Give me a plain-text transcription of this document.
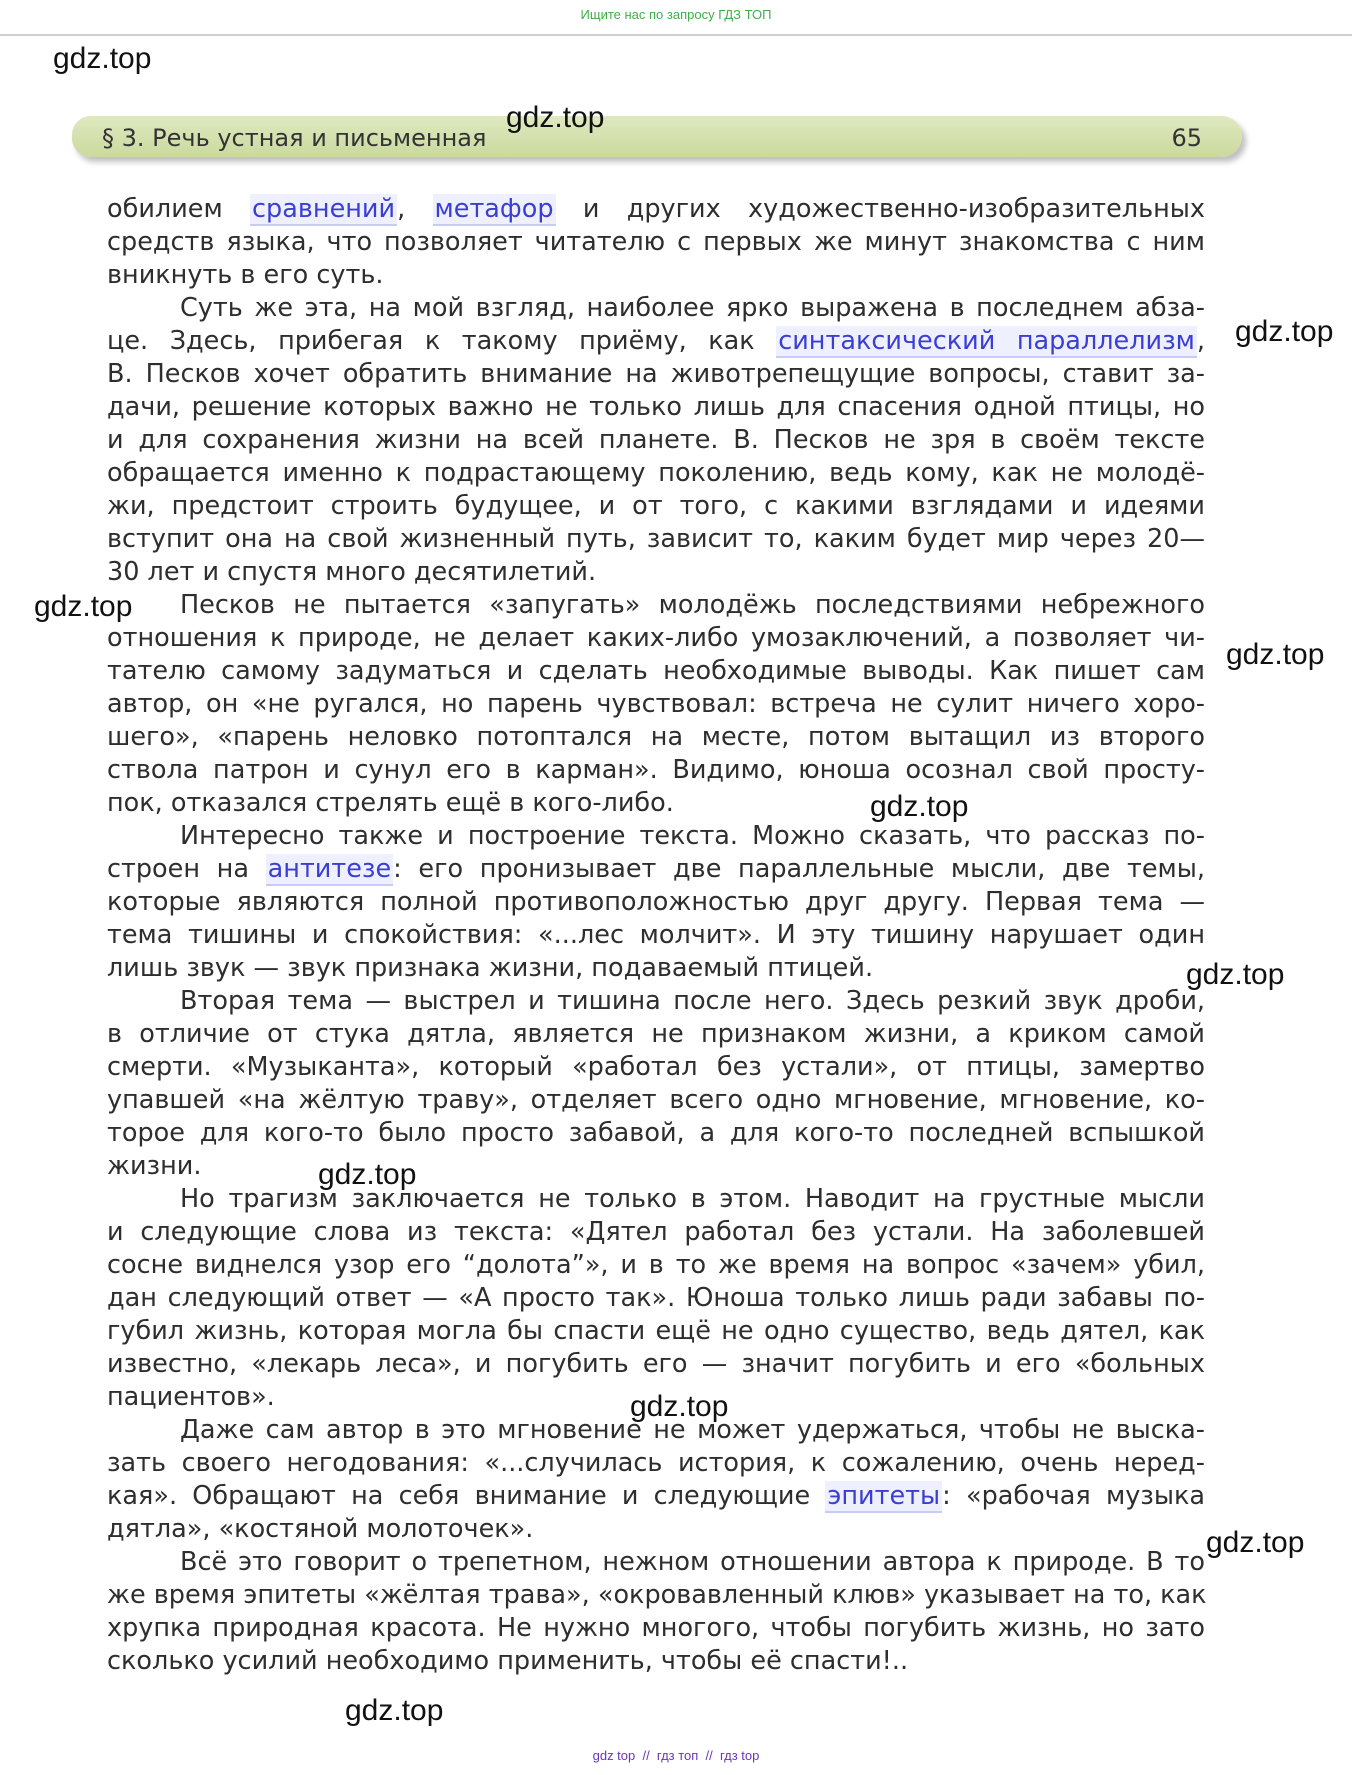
Ищите нас по запросу ГДЗ ТОП
§ 3. Речь устная и письменная	65
gdz.top
gdz.top
gdz.top
gdz.top
gdz.top
gdz.top
gdz.top
gdz.top
gdz.top
gdz.top
gdz.top
обилием сравнений, метафор и других художественно-изобразительных
средств языка, что позволяет читателю с первых же минут знакомства с ним
вникнуть в его суть.
Суть же эта, на мой взгляд, наиболее ярко выражена в последнем абза-
це. Здесь, прибегая к такому приёму, как синтаксический параллелизм,
В. Песков хочет обратить внимание на животрепещущие вопросы, ставит за-
дачи, решение которых важно не только лишь для спасения одной птицы, но
и для сохранения жизни на всей планете. В. Песков не зря в своём тексте
обращается именно к подрастающему поколению, ведь кому, как не молодё-
жи, предстоит строить будущее, и от того, с какими взглядами и идеями
вступит она на свой жизненный путь, зависит то, каким будет мир через 20—
30 лет и спустя много десятилетий.
Песков не пытается «запугать» молодёжь последствиями небрежного
отношения к природе, не делает каких-либо умозаключений, а позволяет чи-
тателю самому задуматься и сделать необходимые выводы. Как пишет сам
автор, он «не ругался, но парень чувствовал: встреча не сулит ничего хоро-
шего», «парень неловко потоптался на месте, потом вытащил из второго
ствола патрон и сунул его в карман». Видимо, юноша осознал свой просту-
пок, отказался стрелять ещё в кого-либо.
Интересно также и построение текста. Можно сказать, что рассказ по-
строен на антитезе: его пронизывает две параллельные мысли, две темы,
которые являются полной противоположностью друг другу. Первая тема —
тема тишины и спокойствия: «...лес молчит». И эту тишину нарушает один
лишь звук — звук признака жизни, подаваемый птицей.
Вторая тема — выстрел и тишина после него. Здесь резкий звук дроби,
в отличие от стука дятла, является не признаком жизни, а криком самой
смерти. «Музыканта», который «работал без устали», от птицы, замертво
упавшей «на жёлтую траву», отделяет всего одно мгновение, мгновение, ко-
торое для кого-то было просто забавой, а для кого-то последней вспышкой
жизни.
Но трагизм заключается не только в этом. Наводит на грустные мысли
и следующие слова из текста: «Дятел работал без устали. На заболевшей
сосне виднелся узор его “долота”», и в то же время на вопрос «зачем» убил,
дан следующий ответ — «А просто так». Юноша только лишь ради забавы по-
губил жизнь, которая могла бы спасти ещё не одно существо, ведь дятел, как
известно, «лекарь леса», и погубить его — значит погубить и его «больных
пациентов».
Даже сам автор в это мгновение не может удержаться, чтобы не выска-
зать своего негодования: «...случилась история, к сожалению, очень неред-
кая». Обращают на себя внимание и следующие эпитеты: «рабочая музыка
дятла», «костяной молоточек».
Всё это говорит о трепетном, нежном отношении автора к природе. В то
же время эпитеты «жёлтая трава», «окровавленный клюв» указывает на то, как
хрупка природная красота. Не нужно многого, чтобы погубить жизнь, но зато
сколько усилий необходимо применить, чтобы её спасти!..
gdz top  //  гдз топ  //  гдз top
